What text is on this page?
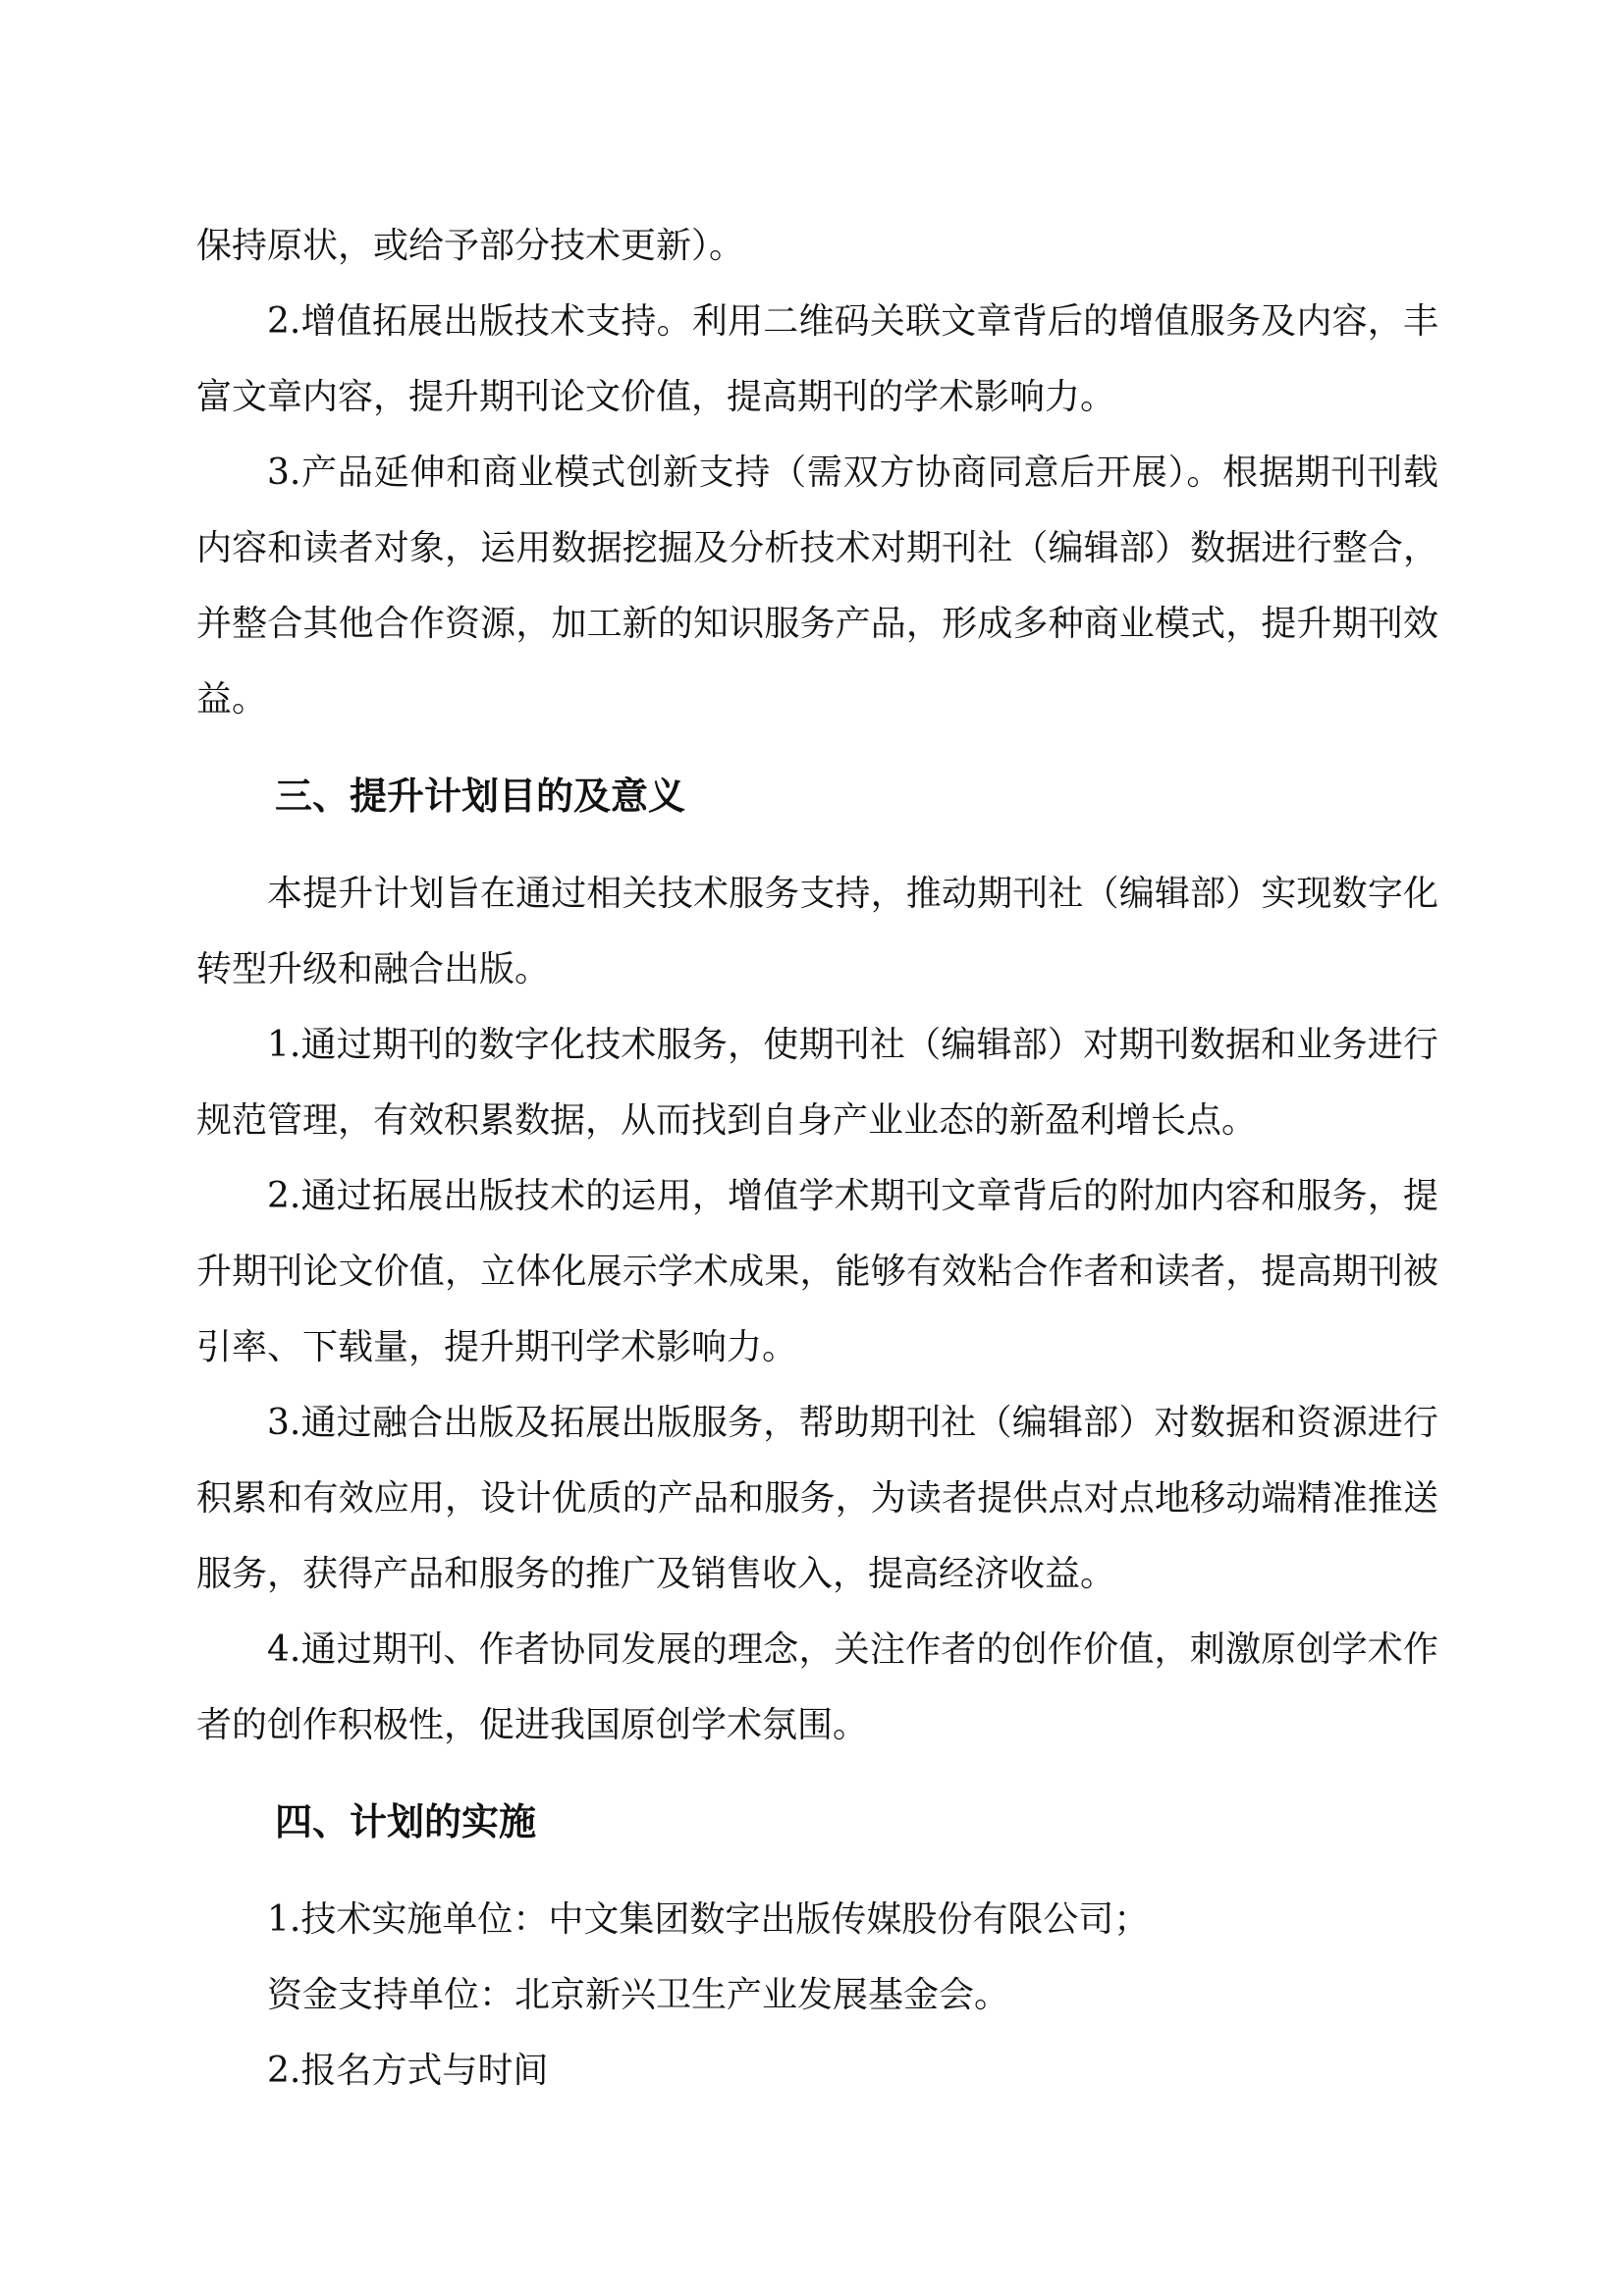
保持原状，或给予部分技术更新）。

2.增值拓展出版技术支持。利用二维码关联文章背后的增值服务及内容，丰富文章内容，提升期刊论文价值，提高期刊的学术影响力。

3.产品延伸和商业模式创新支持（需双方协商同意后开展）。根据期刊刊载内容和读者对象，运用数据挖掘及分析技术对期刊社（编辑部）数据进行整合，并整合其他合作资源，加工新的知识服务产品，形成多种商业模式，提升期刊效益。

三、提升计划目的及意义

本提升计划旨在通过相关技术服务支持，推动期刊社（编辑部）实现数字化转型升级和融合出版。

1.通过期刊的数字化技术服务，使期刊社（编辑部）对期刊数据和业务进行规范管理，有效积累数据，从而找到自身产业业态的新盈利增长点。

2.通过拓展出版技术的运用，增值学术期刊文章背后的附加内容和服务，提升期刊论文价值，立体化展示学术成果，能够有效粘合作者和读者，提高期刊被引率、下载量，提升期刊学术影响力。

3.通过融合出版及拓展出版服务，帮助期刊社（编辑部）对数据和资源进行积累和有效应用，设计优质的产品和服务，为读者提供点对点地移动端精准推送服务，获得产品和服务的推广及销售收入，提高经济收益。

4.通过期刊、作者协同发展的理念，关注作者的创作价值，刺激原创学术作者的创作积极性，促进我国原创学术氛围。

四、计划的实施

1.技术实施单位：中文集团数字出版传媒股份有限公司；

资金支持单位：北京新兴卫生产业发展基金会。

2.报名方式与时间
